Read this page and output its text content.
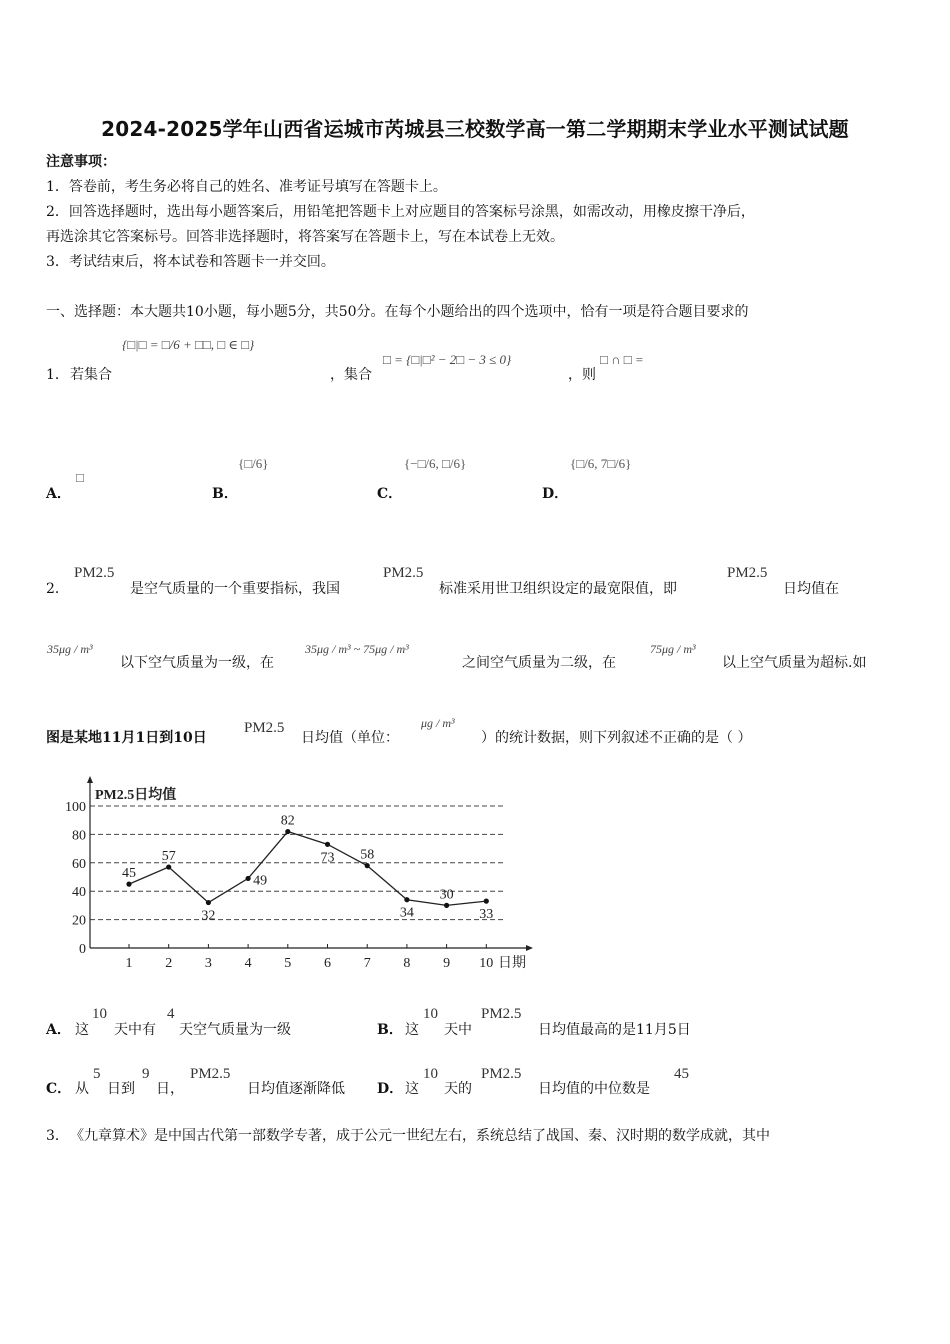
2024-2025学年山西省运城市芮城县三校数学高一第二学期期末学业水平测试试题
注意事项：
1．答卷前，考生务必将自己的姓名、准考证号填写在答题卡上。
2．回答选择题时，选出每小题答案后，用铅笔把答题卡上对应题目的答案标号涂黑，如需改动，用橡皮擦干净后，
再选涂其它答案标号。回答非选择题时，将答案写在答题卡上，写在本试卷上无效。
3．考试结束后，将本试卷和答题卡一并交回。
一、选择题：本大题共10小题，每小题5分，共50分。在每个小题给出的四个选项中，恰有一项是符合题目要求的
1． 若集合
{□|□ = □/6 + □□, □ ∈ □}
，集合
□ = {□|□² − 2□ − 3 ≤ 0}
，则
□ ∩ □ =
A．
□
B．
{□/6}
C．
{−□/6, □/6}
D．
{□/6, 7□/6}
2．
PM2.5
是空气质量的一个重要指标，我国
PM2.5
标准采用世卫组织设定的最宽限值，即
PM2.5
日均值在
35μg / m³
以下空气质量为一级，在
35μg / m³ ~ 75μg / m³
之间空气质量为二级，在
75μg / m³
以上空气质量为超标.如
图是某地11月1日到10日
PM2.5
日均值（单位：
μg / m³
）的统计数据，则下列叙述不正确的是（ ）
0
20
40
60
80
100
PM2.5日均值
1 2 3 4 5 6 7 8 9 10 日期
45
57
32
49
82
73 58
34
30
33
A． 这
10
天中有
4
天空气质量为一级	B． 这
10
天中
PM2.5
日均值最高的是11月5日
C． 从
5
日到
9
日，
PM2.5
日均值逐渐降低 D． 这
10
天的
PM2.5
日均值的中位数是
45
3． 《九章算术》是中国古代第一部数学专著，成于公元一世纪左右，系统总结了战国、秦、汉时期的数学成就，其中
